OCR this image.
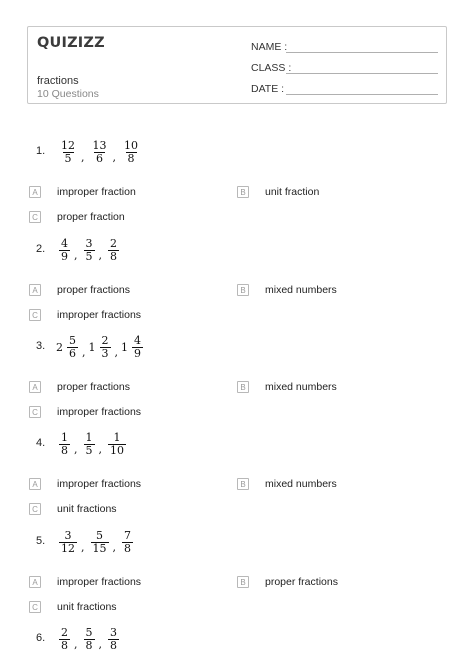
QUIZIZZ
fractions
10 Questions
NAME :
CLASS :
DATE :
1. $\frac{12}{5}$ , $\frac{13}{6}$ , $\frac{10}{8}$
A	improper fraction	B	unit fraction
C proper fraction
2. $\frac{4}{9}$ , $\frac{3}{5}$ , $\frac{2}{8}$
A	proper fractions	B	mixed numbers
C improper fractions
3. $2 \frac{5}{6}$ , $1 \frac{2}{3}$ , $1 \frac{4}{9}$
A	proper fractions	B	mixed numbers
C improper fractions
4. $\frac{1}{8}$ , $\frac{1}{5}$ , $\frac{1}{10}$
A	improper fractions	B	mixed numbers
C unit fractions
5. $\frac{3}{12}$ , $\frac{5}{15}$ , $\frac{7}{8}$
A	improper fractions	B	proper fractions
C unit fractions
6. $\frac{2}{8}$ , $\frac{5}{8}$ , $\frac{3}{8}$
